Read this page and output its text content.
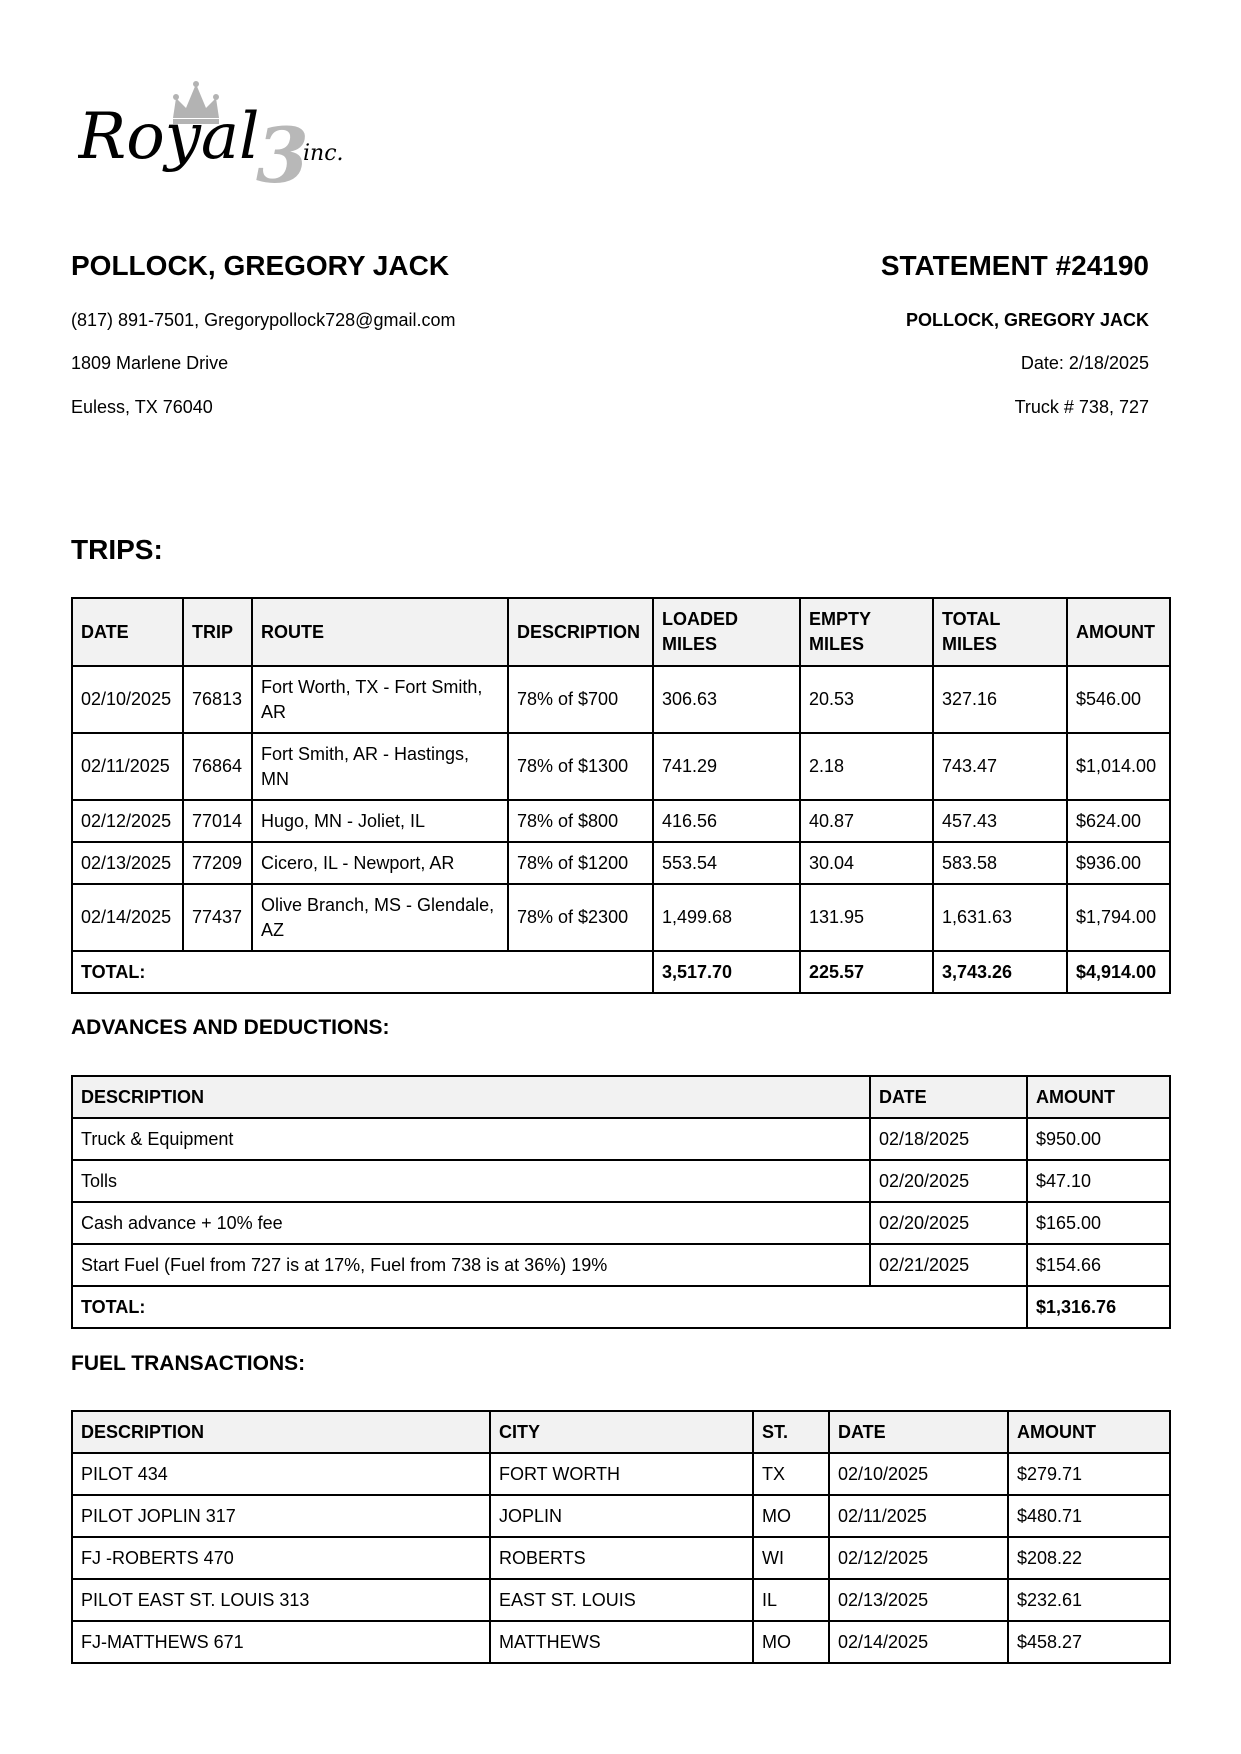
3
Royal inc.
POLLOCK, GREGORY JACK	STATEMENT #24190
(817) 891-7501, Gregorypollock728@gmail.com
1809 Marlene Drive
Euless, TX 76040
POLLOCK, GREGORY JACK
Date: 2/18/2025
Truck # 738, 727
TRIPS:
DATE	TRIP	ROUTE	DESCRIPTION	LOADED MILES	EMPTY MILES	TOTAL MILES	AMOUNT
02/10/2025	76813	Fort Worth, TX - Fort Smith, AR	78% of $700	306.63	20.53	327.16	$546.00
02/11/2025	76864	Fort Smith, AR - Hastings, MN	78% of $1300	741.29	2.18	743.47	$1,014.00
02/12/2025	77014	Hugo, MN - Joliet, IL	78% of $800	416.56	40.87	457.43	$624.00
02/13/2025	77209	Cicero, IL - Newport, AR	78% of $1200	553.54	30.04	583.58	$936.00
02/14/2025	77437	Olive Branch, MS - Glendale, AZ	78% of $2300	1,499.68	131.95	1,631.63	$1,794.00
TOTAL:				3,517.70	225.57	3,743.26	$4,914.00
ADVANCES AND DEDUCTIONS:
DESCRIPTION	DATE	AMOUNT
Truck & Equipment	02/18/2025	$950.00
Tolls	02/20/2025	$47.10
Cash advance + 10% fee	02/20/2025	$165.00
Start Fuel (Fuel from 727 is at 17%, Fuel from 738 is at 36%) 19%	02/21/2025	$154.66
TOTAL:		$1,316.76
FUEL TRANSACTIONS:
DESCRIPTION	CITY	ST.	DATE	AMOUNT
PILOT 434	FORT WORTH	TX	02/10/2025	$279.71
PILOT JOPLIN 317	JOPLIN	MO	02/11/2025	$480.71
FJ -ROBERTS 470	ROBERTS	WI	02/12/2025	$208.22
PILOT EAST ST. LOUIS 313	EAST ST. LOUIS	IL	02/13/2025	$232.61
FJ-MATTHEWS 671	MATTHEWS	MO	02/14/2025	$458.27
